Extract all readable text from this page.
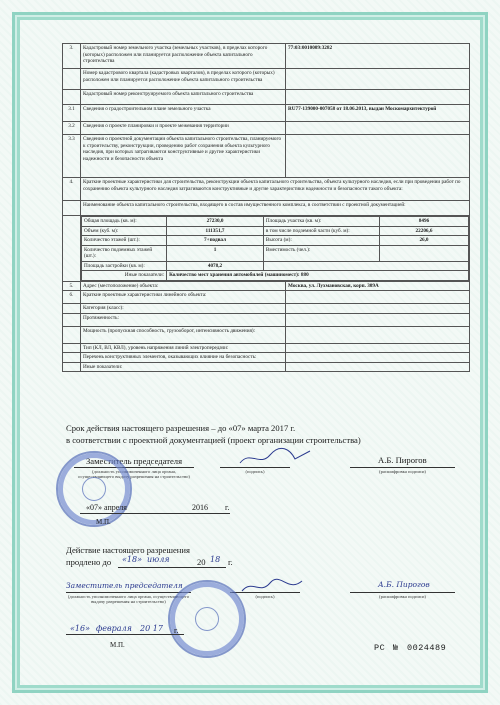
3.	Кадастровый номер земельного участка (земельных участков), в пределах которого (которых) расположен или планируется расположение объекта капитального строительства	77:03:0010009:3282
	Номер кадастрового квартала (кадастровых кварталов), в пределах которого (которых) расположен или планируется расположение объекта капитального строительства	
	Кадастровый номер реконструируемого объекта капитального строительства	
3.1	Сведения о градостроительном плане земельного участка	RU77-139000-007058 от 18.06.2013, выдан Москомархитектурой
3.2	Сведения о проекте планировки и проекте межевания территории	
3.3	Сведения о проектной документации объекта капитального строительства, планируемого к строительству, реконструкции, проведению работ сохранения объекта культурного наследия, при которых затрагиваются конструктивные и другие характеристики надежности и безопасности объекта	
4.	Краткие проектные характеристики для строительства, реконструкции объекта капитального строительства, объекта культурного наследия, если при проведении работ по сохранению объекта культурного наследия затрагиваются конструктивные и другие характеристики надежности и безопасности такого объекта:
	Наименование объекта капитального строительства, входящего в состав имущественного комплекса, в соответствии с проектной документацией:

Общая площадь (кв. м):	27230,0	Площадь участка (кв. м):	8496
Объем (куб. м):	111351,7	в том числе подземной части (куб. м):	22206,6
Количество этажей (шт.):	7+подвал	Высота (м):	26,0
Количество подземных этажей (шт.):	1	Вместимость (чел.):	
Площадь застройки (кв. м):	4078,2	
Иные показатели:	Количество мест хранения автомобилей (машиномест): 880

5.	Адрес (местоположение) объекта:	Москва, ул. Лухмановская, корп. 309А
6.	Краткие проектные характеристики линейного объекта:	
	Категория (класс):	
	Протяженность:	
	Мощность (пропускная способность, грузооборот, интенсивность движения):	
	Тип (КЛ, ВЛ, КВЛ), уровень напряжения линий электропередачи:	
	Перечень конструктивных элементов, оказывающих влияние на безопасность:	
	Иные показатели:	
Срок действия настоящего разрешения – до «07» марта 2017 г.
в соответствии с проектной документацией (проект организации строительства)
Заместитель председателя
(должность уполномоченного лица органа, осуществляющего выдачу разрешения на строительство)
(подпись)
А.Б. Пирогов
(расшифровка подписи)
«07» апреля	2016 г.
М.П.
Действие настоящего разрешения
продлено до «18» июля	20 18 г.
Заместитель председателя
(должность уполномоченного лица органа, осуществляющего выдачу разрешения на строительство)
(подпись)
А.Б. Пирогов
(расшифровка подписи)
«16» февраля 20 17 г.
М.П.	РС № 0024489
